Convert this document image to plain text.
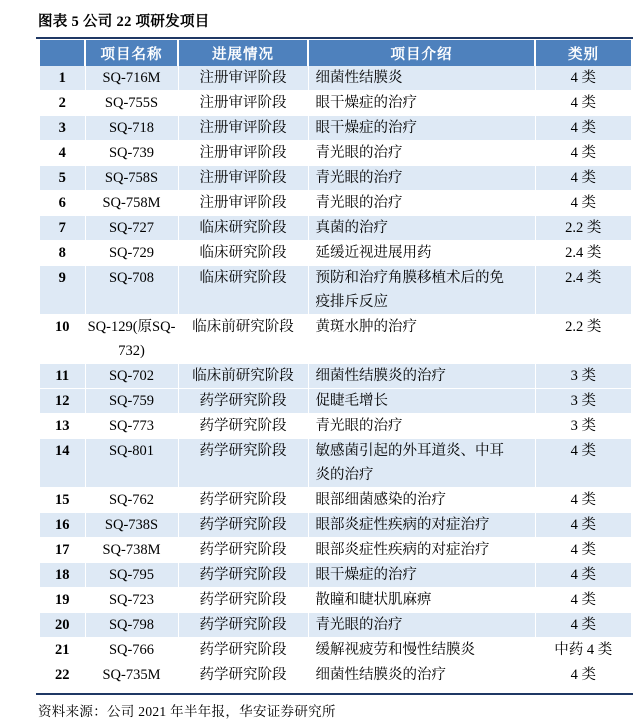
图表 5 公司 22 项研发项目
	项目名称	进展情况	项目介绍	类别
1	SQ-716M	注册审评阶段	细菌性结膜炎	4 类
2	SQ-755S	注册审评阶段	眼干燥症的治疗	4 类
3	SQ-718	注册审评阶段	眼干燥症的治疗	4 类
4	SQ-739	注册审评阶段	青光眼的治疗	4 类
5	SQ-758S	注册审评阶段	青光眼的治疗	4 类
6	SQ-758M	注册审评阶段	青光眼的治疗	4 类
7	SQ-727	临床研究阶段	真菌的治疗	2.2 类
8	SQ-729	临床研究阶段	延缓近视进展用药	2.4 类
9	SQ-708	临床研究阶段	预防和治疗角膜移植术后的免疫排斥反应	2.4 类
10	SQ-129(原SQ-732)	临床前研究阶段	黄斑水肿的治疗	2.2 类
11	SQ-702	临床前研究阶段	细菌性结膜炎的治疗	3 类
12	SQ-759	药学研究阶段	促睫毛增长	3 类
13	SQ-773	药学研究阶段	青光眼的治疗	3 类
14	SQ-801	药学研究阶段	敏感菌引起的外耳道炎、中耳炎的治疗	4 类
15	SQ-762	药学研究阶段	眼部细菌感染的治疗	4 类
16	SQ-738S	药学研究阶段	眼部炎症性疾病的对症治疗	4 类
17	SQ-738M	药学研究阶段	眼部炎症性疾病的对症治疗	4 类
18	SQ-795	药学研究阶段	眼干燥症的治疗	4 类
19	SQ-723	药学研究阶段	散瞳和睫状肌麻痹	4 类
20	SQ-798	药学研究阶段	青光眼的治疗	4 类
21	SQ-766	药学研究阶段	缓解视疲劳和慢性结膜炎	中药 4 类
22	SQ-735M	药学研究阶段	细菌性结膜炎的治疗	4 类
资料来源：公司 2021 年半年报，华安证券研究所
